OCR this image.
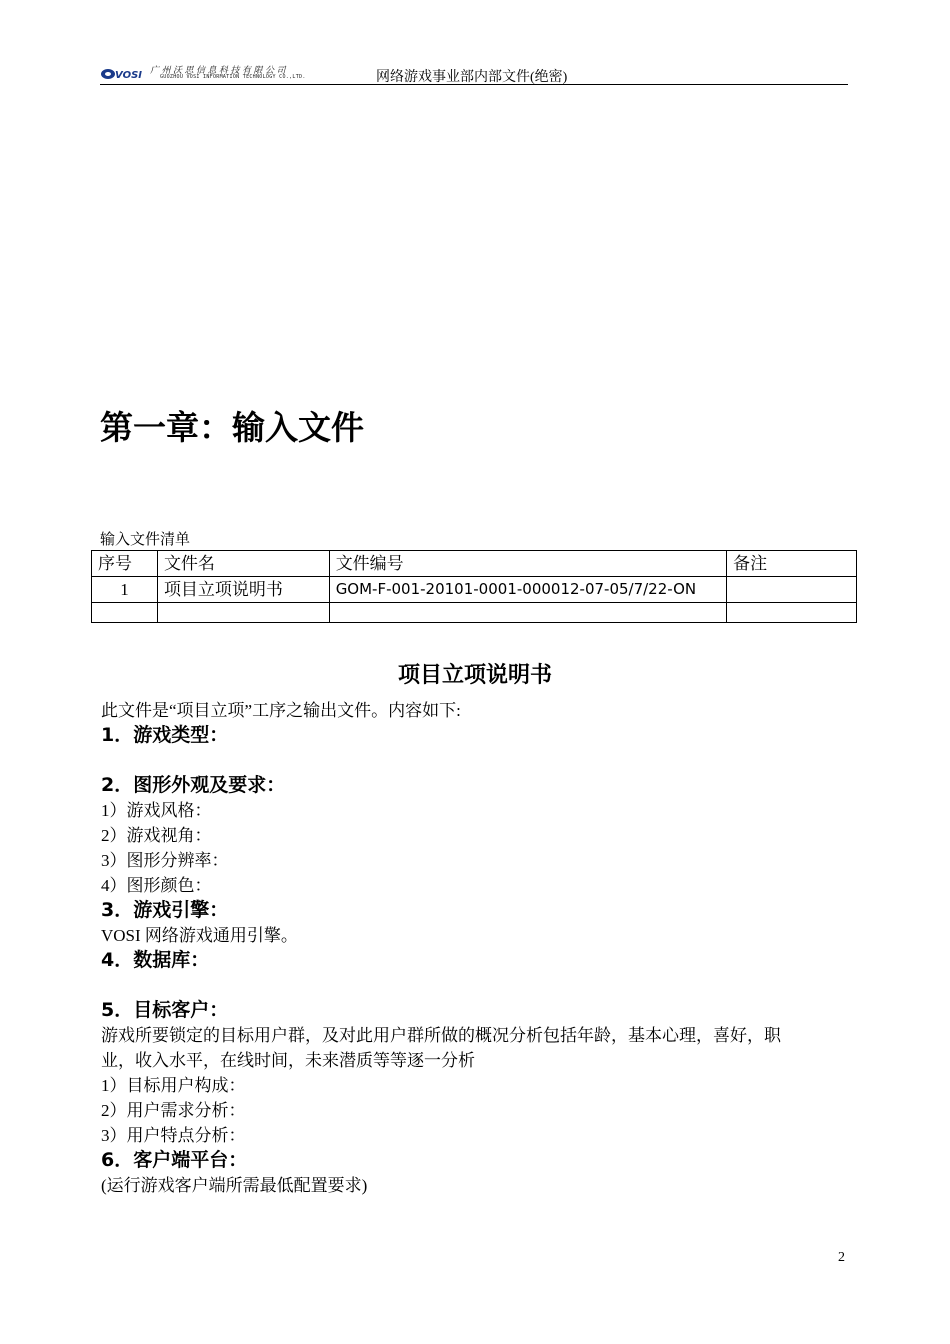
VOSI 广州沃思信息科技有限公司
GUOZHOU VOSI INFORMATION TECHNOLOGY CO.,LTD.	网络游戏事业部内部文件(绝密)
第一章：输入文件
输入文件清单
序号	文件名	文件编号	备注
1	项目立项说明书	GOM-F-001-20101-0001-000012-07-05/7/22-ON	

项目立项说明书

此文件是“项目立项”工序之输出文件。内容如下:

1．游戏类型：

2．图形外观及要求：

1）游戏风格：

2）游戏视角：

3）图形分辨率：

4）图形颜色：

3．游戏引擎：

VOSI 网络游戏通用引擎。

4．数据库：

5．目标客户：

游戏所要锁定的目标用户群，及对此用户群所做的概况分析包括年龄，基本心理，喜好，职

业，收入水平，在线时间，未来潜质等等逐一分析

1）目标用户构成：

2）用户需求分析：

3）用户特点分析：

6．客户端平台：

(运行游戏客户端所需最低配置要求)

2
